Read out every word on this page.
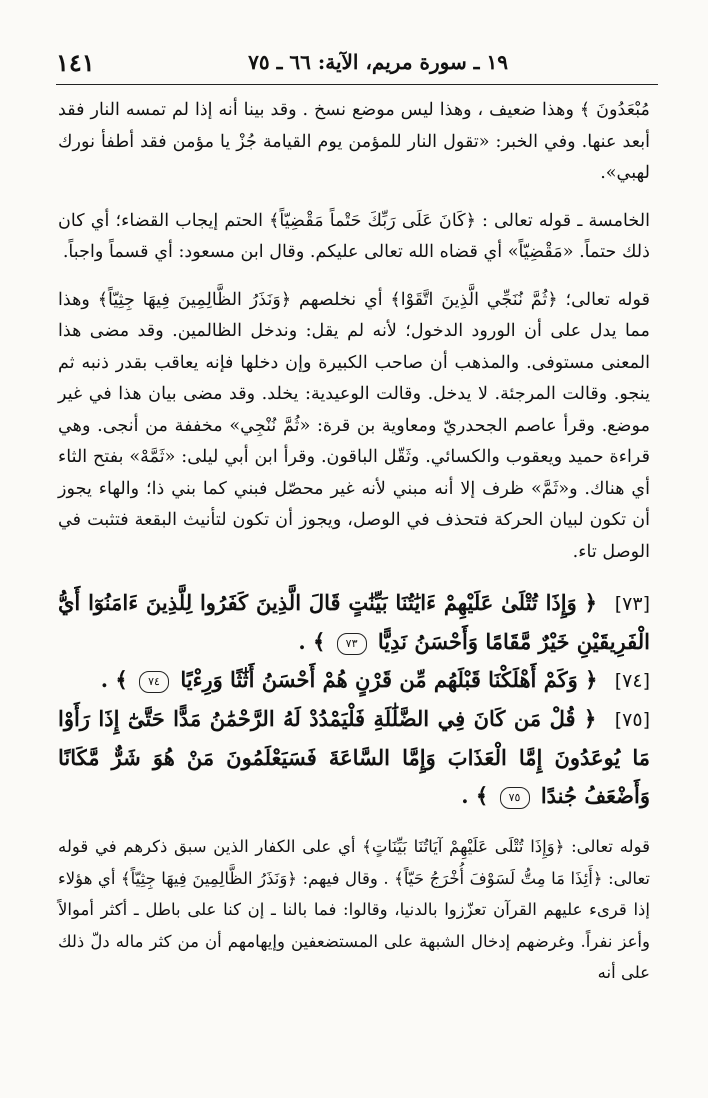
١٩ ـ سورة مريم، الآية: ٦٦ ـ ٧٥
١٤١

مُبْعَدُونَ ﴾ وهذا ضعيف ، وهذا ليس موضع نسخ . وقد بينا أنه إذا لم تمسه النار فقد أبعد عنها. وفي الخبر: «تقول النار للمؤمن يوم القيامة جُزْ يا مؤمن فقد أطفأ نورك لهبي».

الخامسة ـ قوله تعالى : ﴿كَانَ عَلَى رَبِّكَ حَتْماً مَقْضِيّاً﴾ الحتم إيجاب القضاء؛ أي كان ذلك حتماً. «مَقْضِيّاً» أي قضاه الله تعالى عليكم. وقال ابن مسعود: أي قسماً واجباً.

قوله تعالى؛ ﴿ثُمَّ نُنَجِّي الَّذِينَ اتَّقَوْا﴾ أي نخلصهم ﴿وَنَذَرُ الظَّالِمِينَ فِيهَا جِثِيّاً﴾ وهذا مما يدل على أن الورود الدخول؛ لأنه لم يقل: وندخل الظالمين. وقد مضى هذا المعنى مستوفى. والمذهب أن صاحب الكبيرة وإن دخلها فإنه يعاقب بقدر ذنبه ثم ينجو. وقالت المرجئة. لا يدخل. وقالت الوعيدية: يخلد. وقد مضى بيان هذا في غير موضع. وقرأ عاصم الجحدريّ ومعاوية بن قرة: «ثُمَّ نُنْجِي» مخففة من أنجى. وهي قراءة حميد ويعقوب والكسائي. وثَقّل الباقون. وقرأ ابن أبي ليلى: «ثَمَّهْ» بفتح الثاء أي هناك. و«ثَمَّ» ظرف إلا أنه مبني لأنه غير محصّل فبني كما بني ذا؛ والهاء يجوز أن تكون لبيان الحركة فتحذف في الوصل، ويجوز أن تكون لتأنيث البقعة فتثبت في الوصل تاء.

[٧٣] ﴿ وَإِذَا تُتْلَىٰ عَلَيْهِمْ ءَايَٰتُنَا بَيِّنَٰتٍ قَالَ الَّذِينَ كَفَرُوا لِلَّذِينَ ءَامَنُوٓا أَيُّ الْفَرِيقَيْنِ خَيْرٌ مَّقَامًا وَأَحْسَنُ نَدِيًّا ٧٣ ﴾ .

[٧٤] ﴿ وَكَمْ أَهْلَكْنَا قَبْلَهُم مِّن قَرْنٍ هُمْ أَحْسَنُ أَثَٰثًا وَرِءْيًا ٧٤ ﴾ .

[٧٥] ﴿ قُلْ مَن كَانَ فِي الضَّلَٰلَةِ فَلْيَمْدُدْ لَهُ الرَّحْمَٰنُ مَدًّا حَتَّىٰٓ إِذَا رَأَوْا مَا يُوعَدُونَ إِمَّا الْعَذَابَ وَإِمَّا السَّاعَةَ فَسَيَعْلَمُونَ مَنْ هُوَ شَرٌّ مَّكَانًا وَأَضْعَفُ جُندًا ٧٥ ﴾ .

قوله تعالى: ﴿وَإِذَا تُتْلَى عَلَيْهِمْ آيَاتُنَا بَيِّنَاتٍ﴾ أي على الكفار الذين سبق ذكرهم في قوله تعالى: ﴿أَئِذَا مَا مِتُّ لَسَوْفَ أُخْرَجُ حَيّاً﴾ . وقال فيهم: ﴿وَنَذَرُ الظَّالِمِينَ فِيهَا جِثِيّاً﴾ أي هؤلاء إذا قرىء عليهم القرآن تعزّزوا بالدنيا، وقالوا: فما بالنا ـ إن كنا على باطل ـ أكثر أموالاً وأعز نفراً. وغرضهم إدخال الشبهة على المستضعفين وإيهامهم أن من كثر ماله دلّ ذلك على أنه
